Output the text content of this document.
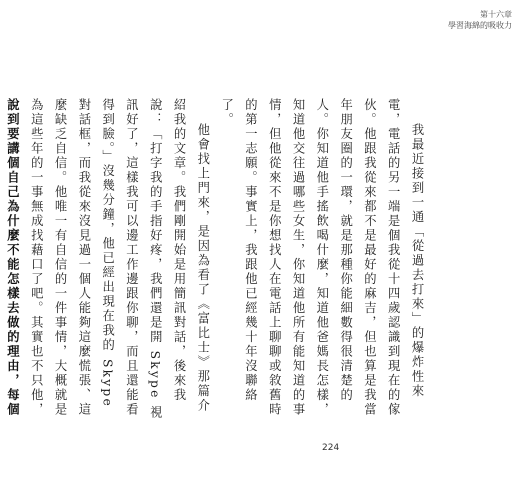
第十六章
學習海綿的吸收力

我最近接到一通「從過去打來」的爆炸性來電，電話的另一端是個我從十四歲認識到現在的傢伙。他跟我從來都不是最好的麻吉，但也算是我當年朋友圈的一環，就是那種你能細數得很清楚的人。你知道他手搖飲喝什麼，知道他爸媽長怎樣，知道他交往過哪些女生，你知道他所有能知道的事情，但他從來不是你想找人在電話上聊聊或敘舊時的第一志願。事實上，我跟他已經幾十年沒聯絡了。

他會找上門來，是因為看了《富比士》那篇介紹我的文章。我們剛開始是用簡訊對話，後來我說：「打字我的手指好疼，我們還是開 Skype 視訊好了，這樣我可以邊工作邊跟你聊，而且還能看得到臉。」沒幾分鐘，他已經出現在我的 Skype 對話框，而我從來沒見過一個人能夠這麼慌張、這麼缺乏自信。他唯一有自信的一件事情，大概就是為這些年的一事無成找藉口了吧。其實也不只他，說到要講個自己為什麼不能怎樣去做的理由，每個

224
